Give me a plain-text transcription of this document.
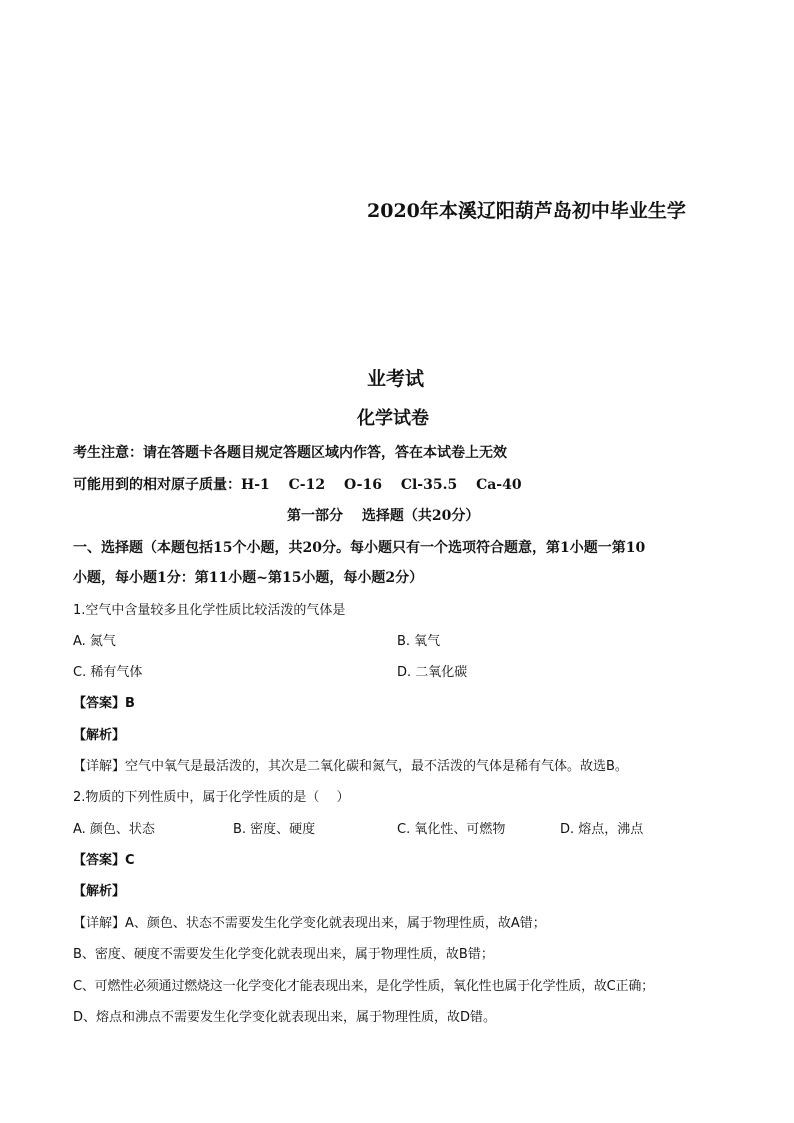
2020年本溪辽阳葫芦岛初中毕业生学
业考试
化学试卷
考生注意：请在答题卡各题目规定答题区域内作答，答在本试卷上无效
可能用到的相对原子质量：H-1　 C-12　 O-16　 Cl-35.5　 Ca-40
第一部分　 选择题（共20分）
一、选择题（本题包括15个小题，共20分。每小题只有一个选项符合题意，第1小题一第10
小题，每小题1分：第11小题~第15小题，每小题2分）
1.空气中含量较多且化学性质比较活泼的气体是
A. 氮气	B. 氧气
C. 稀有气体	D. 二氧化碳
【答案】B
【解析】
【详解】空气中氧气是最活泼的，其次是二氧化碳和氮气，最不活泼的气体是稀有气体。故选B。
2.物质的下列性质中，属于化学性质的是（　 ）
A. 颜色、状态	B. 密度、硬度	C. 氧化性、可燃物	D. 熔点，沸点
【答案】C
【解析】
【详解】A、颜色、状态不需要发生化学变化就表现出来，属于物理性质，故A错；
B、密度、硬度不需要发生化学变化就表现出来，属于物理性质，故B错；
C、可燃性必须通过燃烧这一化学变化才能表现出来，是化学性质，氧化性也属于化学性质，故C正确；
D、熔点和沸点不需要发生化学变化就表现出来，属于物理性质，故D错。
